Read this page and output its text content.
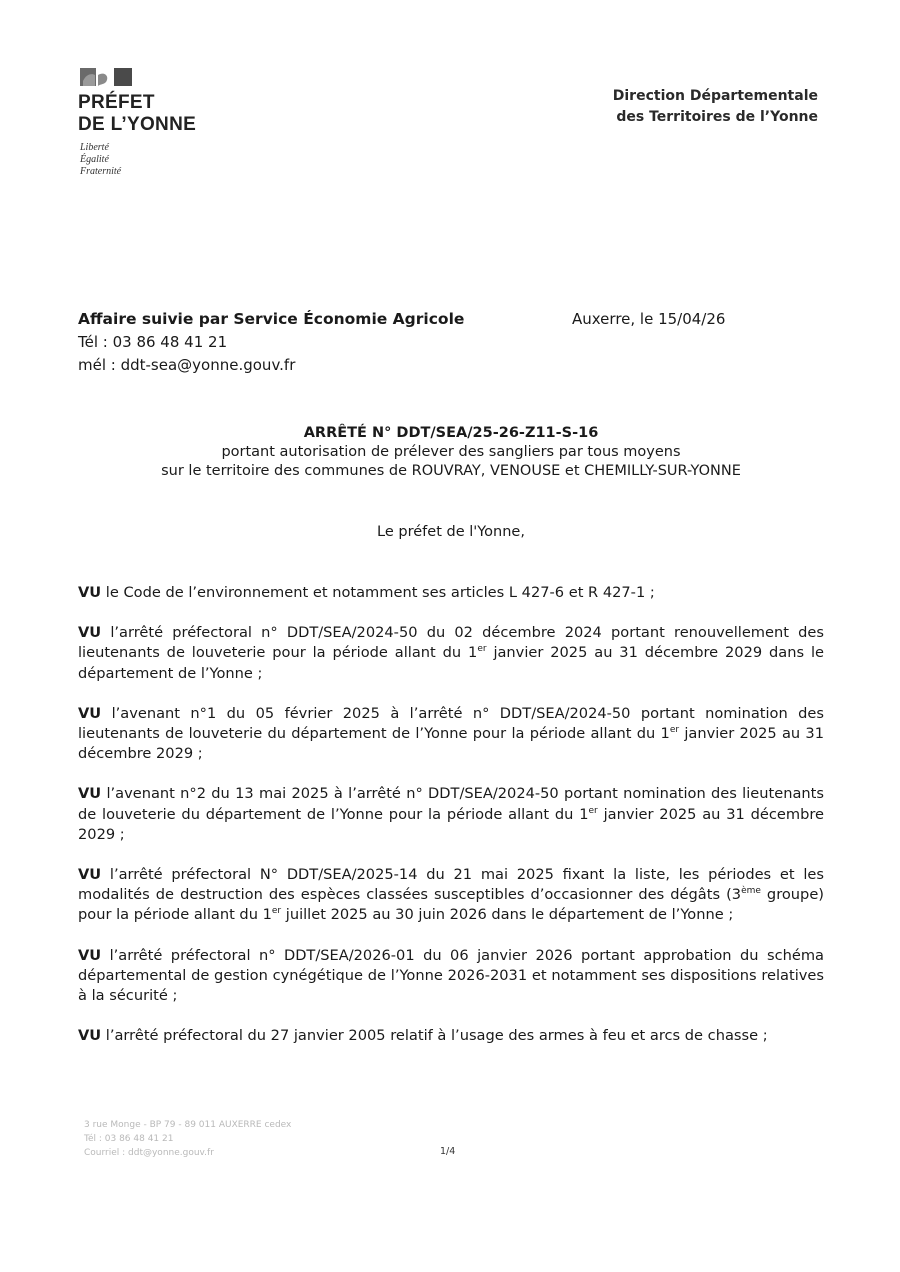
PRÉFET
DE L’YONNE
Liberté
Égalité
Fraternité
Direction Départementale
des Territoires de l’Yonne
Affaire suivie par Service Économie Agricole
Tél : 03 86 48 41 21
mél : ddt-sea@yonne.gouv.fr
Auxerre, le 15/04/26
ARRÊTÉ N° DDT/SEA/25-26-Z11-S-16
portant autorisation de prélever des sangliers par tous moyens
sur le territoire des communes de ROUVRAY, VENOUSE et CHEMILLY-SUR-YONNE
Le préfet de l'Yonne,

VU le Code de l’environnement et notamment ses articles L 427-6 et R 427-1 ;

VU l’arrêté préfectoral n° DDT/SEA/2024-50 du 02 décembre 2024 portant renouvellement des lieutenants de louveterie pour la période allant du 1er janvier 2025 au 31 décembre 2029 dans le département de l’Yonne ;

VU l’avenant n°1 du 05 février 2025 à l’arrêté n° DDT/SEA/2024-50 portant nomination des lieutenants de louveterie du département de l’Yonne pour la période allant du 1er janvier 2025 au 31 décembre 2029 ;

VU l’avenant n°2 du 13 mai 2025 à l’arrêté n° DDT/SEA/2024-50 portant nomination des lieutenants de louveterie du département de l’Yonne pour la période allant du 1er janvier 2025 au 31 décembre 2029 ;

VU l’arrêté préfectoral N° DDT/SEA/2025-14 du 21 mai 2025 fixant la liste, les périodes et les modalités de destruction des espèces classées susceptibles d’occasionner des dégâts (3ème groupe) pour la période allant du 1er juillet 2025 au 30 juin 2026 dans le département de l’Yonne ;

VU l’arrêté préfectoral n° DDT/SEA/2026-01 du 06 janvier 2026 portant approbation du schéma départemental de gestion cynégétique de l’Yonne 2026-2031 et notamment ses dispositions relatives à la sécurité ;

VU l’arrêté préfectoral du 27 janvier 2005 relatif à l’usage des armes à feu et arcs de chasse ;

3 rue Monge - BP 79 - 89 011 AUXERRE cedex
Tél : 03 86 48 41 21
Courriel : ddt@yonne.gouv.fr	1/4
